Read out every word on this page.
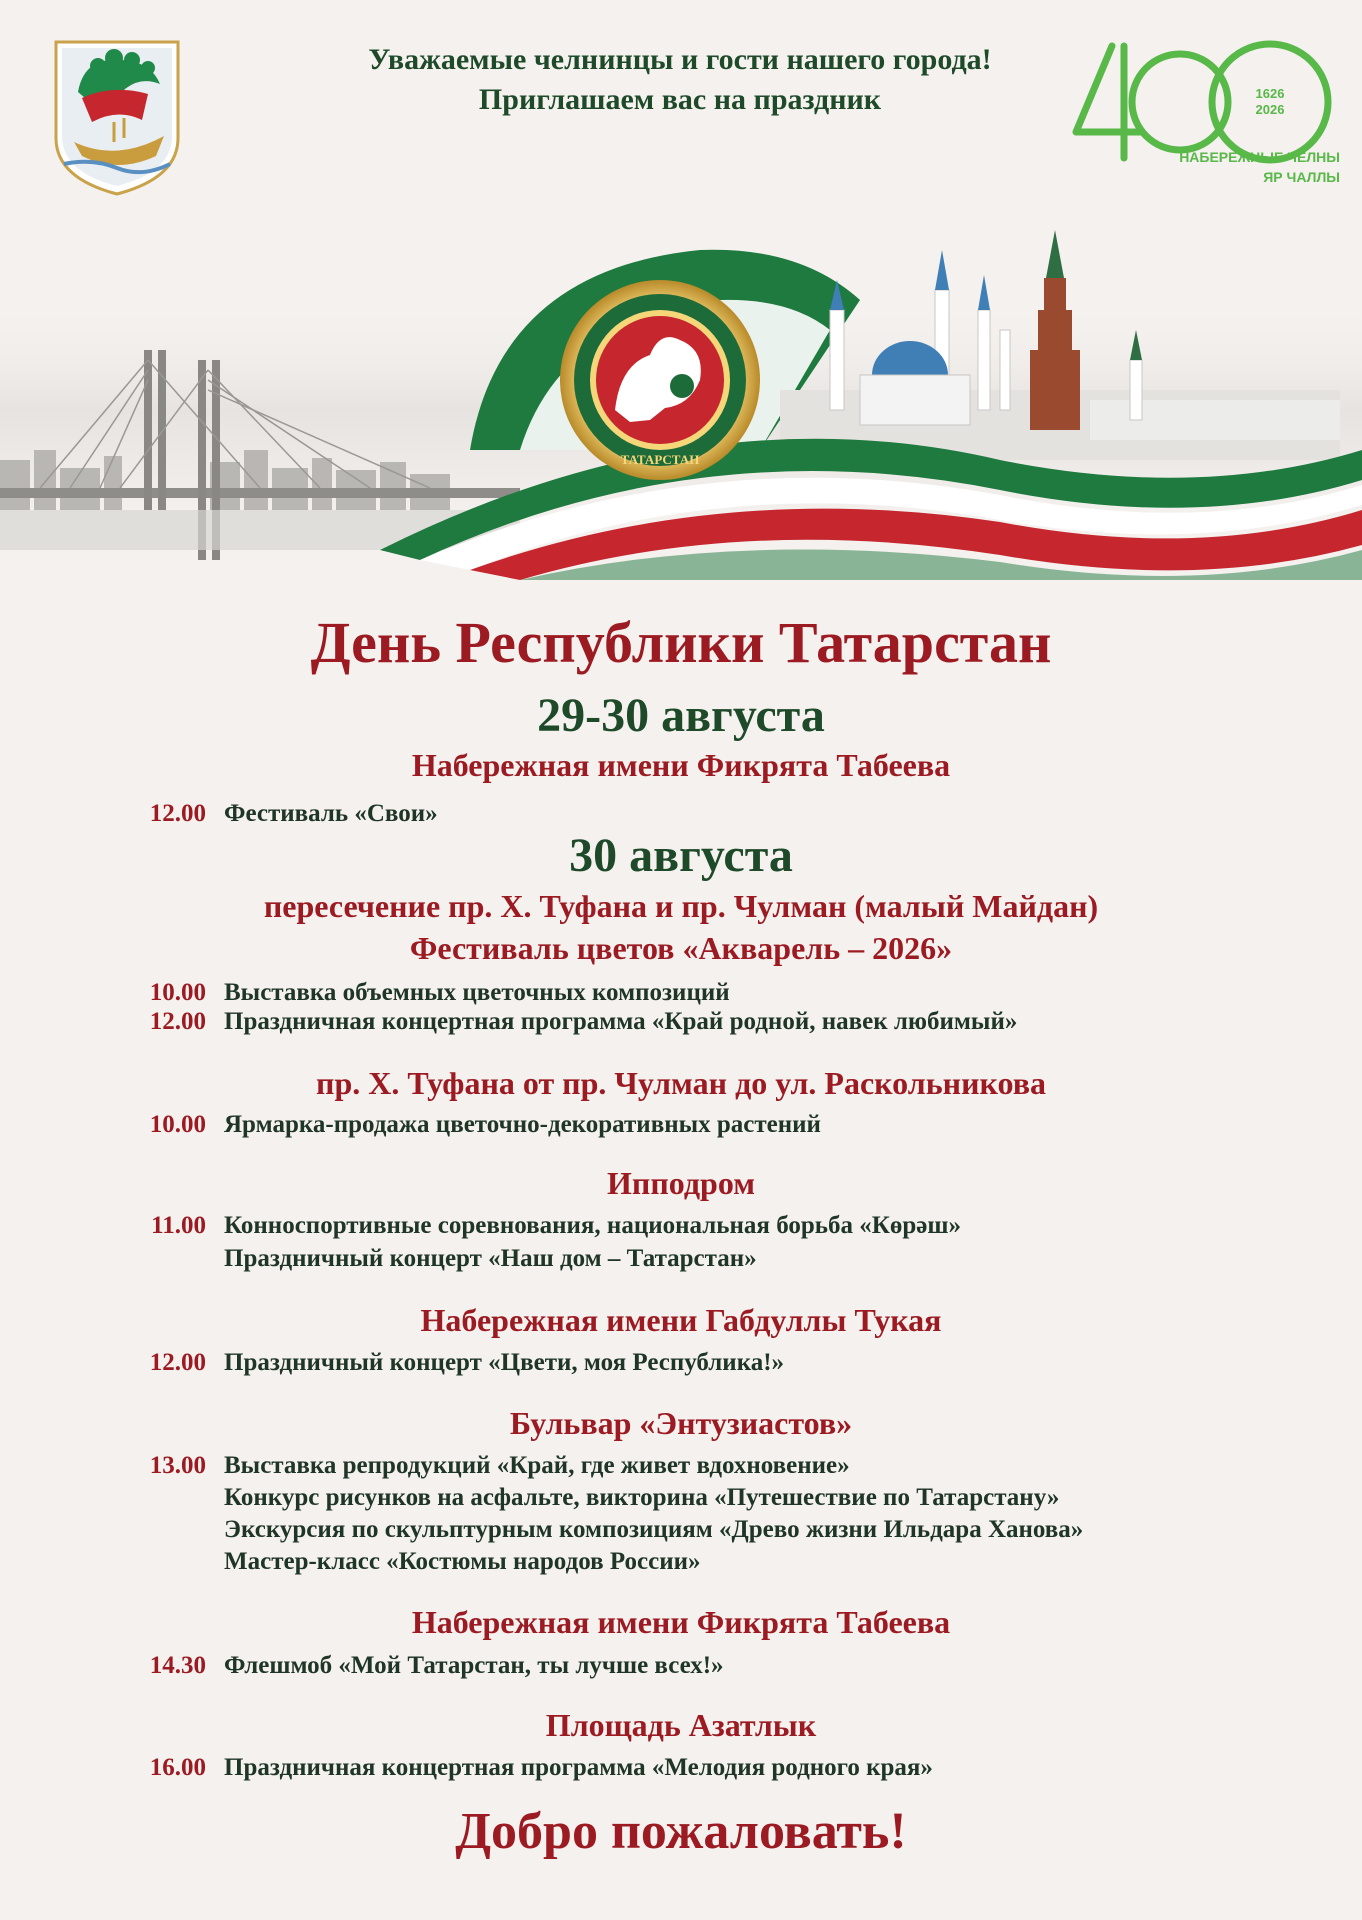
Уважаемые челнинцы и гости нашего города!
Приглашаем вас на праздник	1626
2026
НАБЕРЕЖНЫЕ ЧЕЛНЫ
ЯР ЧАЛЛЫ
ТАТАРСТАН
День Республики Татарстан
29-30 августа
Набережная имени Фикрята Табеева
12.00 Фестиваль «Свои»
30 августа
пересечение пр. Х. Туфана и пр. Чулман (малый Майдан)
Фестиваль цветов «Акварель – 2026»
10.00 Выставка объемных цветочных композиций
12.00 Праздничная концертная программа «Край родной, навек любимый»
пр. Х. Туфана от пр. Чулман до ул. Раскольникова
10.00 Ярмарка-продажа цветочно-декоративных растений
Ипподром
11.00 Конноспортивные соревнования, национальная борьба «Көрәш»
Праздничный концерт «Наш дом – Татарстан»
Набережная имени Габдуллы Тукая
12.00 Праздничный концерт «Цвети, моя Республика!»
Бульвар «Энтузиастов»
13.00 Выставка репродукций «Край, где живет вдохновение»
Конкурс рисунков на асфальте, викторина «Путешествие по Татарстану»
Экскурсия по скульптурным композициям «Древо жизни Ильдара Ханова»
Мастер-класс «Костюмы народов России»
Набережная имени Фикрята Табеева
14.30 Флешмоб «Мой Татарстан, ты лучше всех!»
Площадь Азатлык
16.00 Праздничная концертная программа «Мелодия родного края»
Добро пожаловать!
